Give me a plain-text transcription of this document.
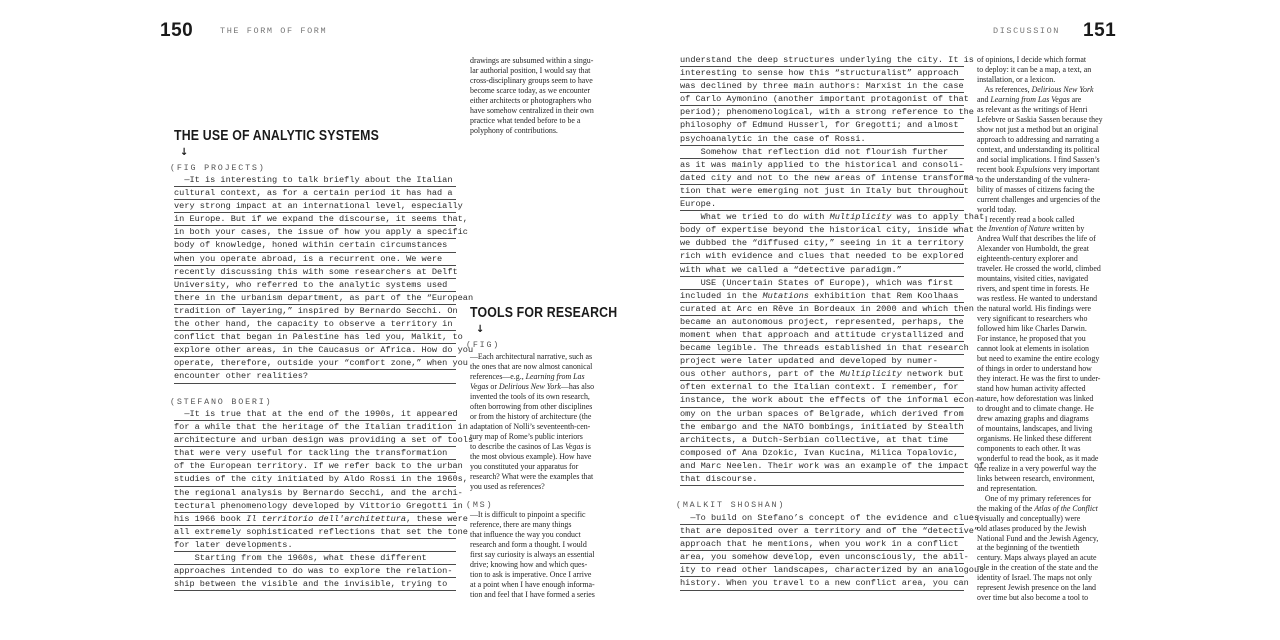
150	THE FORM OF FORM	DISCUSSION 151
THE USE OF ANALYTIC SYSTEMS
↓
(FIG PROJECTS)
—It is interesting to talk briefly about the Italian
cultural context, as for a certain period it has had a
very strong impact at an international level, especially
in Europe. But if we expand the discourse, it seems that,
in both your cases, the issue of how you apply a specific
body of knowledge, honed within certain circumstances
when you operate abroad, is a recurrent one. We were
recently discussing this with some researchers at Delft
University, who referred to the analytic systems used
there in the urbanism department, as part of the “European
tradition of layering,” inspired by Bernardo Secchi. On
the other hand, the capacity to observe a territory in
conflict that began in Palestine has led you, Malkit, to
explore other areas, in the Caucasus or Africa. How do you
operate, therefore, outside your “comfort zone,” when you
encounter other realities?
(STEFANO BOERI)
—It is true that at the end of the 1990s, it appeared
for a while that the heritage of the Italian tradition in
architecture and urban design was providing a set of tools
that were very useful for tackling the transformation
of the European territory. If we refer back to the urban
studies of the city initiated by Aldo Rossi in the 1960s,
the regional analysis by Bernardo Secchi, and the archi-
tectural phenomenology developed by Vittorio Gregotti in
his 1966 book Il territorio dell'architettura, these were
all extremely sophisticated reflections that set the tone
for later developments.
Starting from the 1960s, what these different
approaches intended to do was to explore the relation-
ship between the visible and the invisible, trying to
drawings are subsumed within a singu-
lar authorial position, I would say that
cross-disciplinary groups seem to have
become scarce today, as we encounter
either architects or photographers who
have somehow centralized in their own
practice what tended before to be a
polyphony of contributions.
TOOLS FOR RESEARCH
↓
(FIG)
—Each architectural narrative, such as
the ones that are now almost canonical
references—e.g., Learning from Las
Vegas or Delirious New York—has also
invented the tools of its own research,
often borrowing from other disciplines
or from the history of architecture (the
adaptation of Nolli’s seventeenth-cen-
tury map of Rome’s public interiors
to describe the casinos of Las Vegas is
the most obvious example). How have
you constituted your apparatus for
research? What were the examples that
you used as references?
(MS)
—It is difficult to pinpoint a specific
reference, there are many things
that influence the way you conduct
research and form a thought. I would
first say curiosity is always an essential
drive; knowing how and which ques-
tion to ask is imperative. Once I arrive
at a point when I have enough informa-
tion and feel that I have formed a series
understand the deep structures underlying the city. It is
interesting to sense how this “structuralist” approach
was declined by three main authors: Marxist in the case
of Carlo Aymonino (another important protagonist of that
period); phenomenological, with a strong reference to the
philosophy of Edmund Husserl, for Gregotti; and almost
psychoanalytic in the case of Rossi.
Somehow that reflection did not flourish further
as it was mainly applied to the historical and consoli-
dated city and not to the new areas of intense transforma-
tion that were emerging not just in Italy but throughout
Europe.
What we tried to do with Multiplicity was to apply that
body of expertise beyond the historical city, inside what
we dubbed the “diffused city,” seeing in it a territory
rich with evidence and clues that needed to be explored
with what we called a “detective paradigm.”
USE (Uncertain States of Europe), which was first
included in the Mutations exhibition that Rem Koolhaas
curated at Arc en Rêve in Bordeaux in 2000 and which then
became an autonomous project, represented, perhaps, the
moment when that approach and attitude crystallized and
became legible. The threads established in that research
project were later updated and developed by numer-
ous other authors, part of the Multiplicity network but
often external to the Italian context. I remember, for
instance, the work about the effects of the informal econ-
omy on the urban spaces of Belgrade, which derived from
the embargo and the NATO bombings, initiated by Stealth
architects, a Dutch-Serbian collective, at that time
composed of Ana Dzokic, Ivan Kucina, Milica Topalovic,
and Marc Neelen. Their work was an example of the impact of
that discourse.
(MALKIT SHOSHAN)
—To build on Stefano’s concept of the evidence and clues
that are deposited over a territory and of the “detective”
approach that he mentions, when you work in a conflict
area, you somehow develop, even unconsciously, the abil-
ity to read other landscapes, characterized by an analogous
history. When you travel to a new conflict area, you can
of opinions, I decide which format
to deploy: it can be a map, a text, an
installation, or a lexicon.
As references, Delirious New York
and Learning from Las Vegas are
as relevant as the writings of Henri
Lefebvre or Saskia Sassen because they
show not just a method but an original
approach to addressing and narrating a
context, and understanding its political
and social implications. I find Sassen’s
recent book Expulsions very important
to the understanding of the vulnera-
bility of masses of citizens facing the
current challenges and urgencies of the
world today.
I recently read a book called
the Invention of Nature written by
Andrea Wulf that describes the life of
Alexander von Humboldt, the great
eighteenth-century explorer and
traveler. He crossed the world, climbed
mountains, visited cities, navigated
rivers, and spent time in forests. He
was restless. He wanted to understand
the natural world. His findings were
very significant to researchers who
followed him like Charles Darwin.
For instance, he proposed that you
cannot look at elements in isolation
but need to examine the entire ecology
of things in order to understand how
they interact. He was the first to under-
stand how human activity affected
nature, how deforestation was linked
to drought and to climate change. He
drew amazing graphs and diagrams
of mountains, landscapes, and living
organisms. He linked these different
components to each other. It was
wonderful to read the book, as it made
me realize in a very powerful way the
links between research, environment,
and representation.
One of my primary references for
the making of the Atlas of the Conflict
(visually and conceptually) were
old atlases produced by the Jewish
National Fund and the Jewish Agency,
at the beginning of the twentieth
century. Maps always played an acute
role in the creation of the state and the
identity of Israel. The maps not only
represent Jewish presence on the land
over time but also become a tool to
